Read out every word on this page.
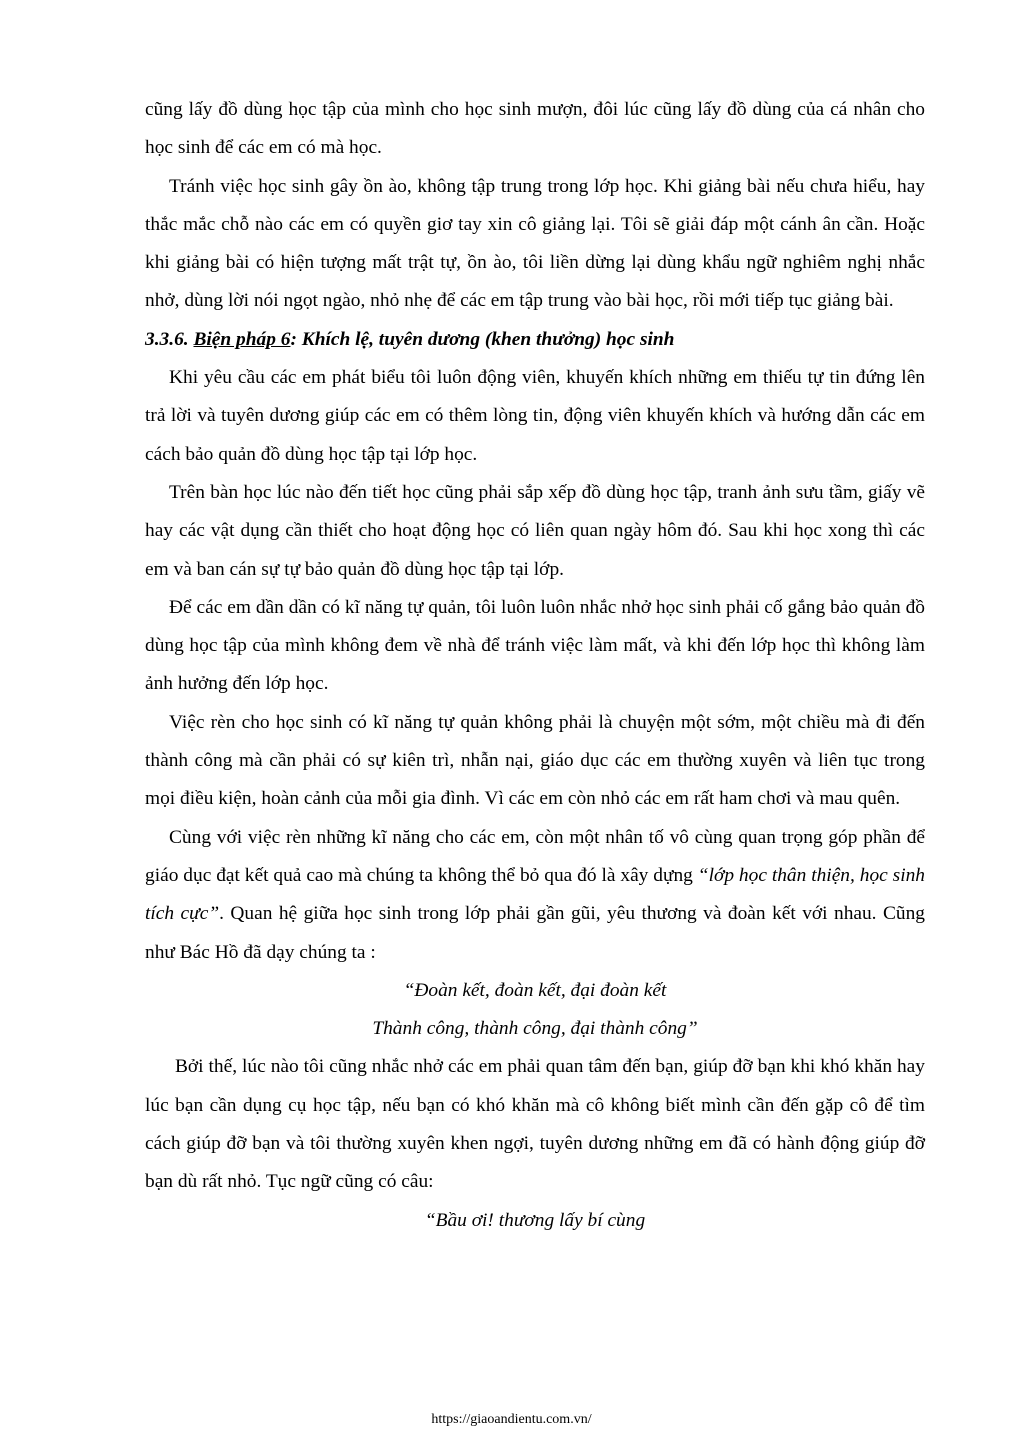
cũng lấy đồ dùng học tập của mình cho học sinh mượn, đôi lúc cũng lấy đồ dùng của cá nhân cho học sinh để các em có mà học.

Tránh việc học sinh gây ồn ào, không tập trung trong lớp học. Khi giảng bài nếu chưa hiểu, hay thắc mắc chỗ nào các em có quyền giơ tay xin cô giảng lại. Tôi sẽ giải đáp một cánh ân cần. Hoặc khi giảng bài có hiện tượng mất trật tự, ồn ào, tôi liền dừng lại dùng khẩu ngữ nghiêm nghị nhắc nhở, dùng lời nói ngọt ngào, nhỏ nhẹ để các em tập trung vào bài học, rồi mới tiếp tục giảng bài.

3.3.6. Biện pháp 6: Khích lệ, tuyên dương (khen thưởng) học sinh

Khi yêu cầu các em phát biểu tôi luôn động viên, khuyến khích những em thiếu tự tin đứng lên trả lời và tuyên dương giúp các em có thêm lòng tin, động viên khuyến khích và hướng dẫn các em cách bảo quản đồ dùng học tập tại lớp học.

Trên bàn học lúc nào đến tiết học cũng phải sắp xếp đồ dùng học tập, tranh ảnh sưu tầm, giấy vẽ hay các vật dụng cần thiết cho hoạt động học có liên quan ngày hôm đó. Sau khi học xong thì các em và ban cán sự tự bảo quản đồ dùng học tập tại lớp.

Để các em dần dần có kĩ năng tự quản, tôi luôn luôn nhắc nhở học sinh phải cố gắng bảo quản đồ dùng học tập của mình không đem về nhà để tránh việc làm mất, và khi đến lớp học thì không làm ảnh hưởng đến lớp học.

Việc rèn cho học sinh có kĩ năng tự quản không phải là chuyện một sớm, một chiều mà đi đến thành công mà cần phải có sự kiên trì, nhẫn nại, giáo dục các em thường xuyên và liên tục trong mọi điều kiện, hoàn cảnh của mỗi gia đình. Vì các em còn nhỏ các em rất ham chơi và mau quên.

Cùng với việc rèn những kĩ năng cho các em, còn một nhân tố vô cùng quan trọng góp phần để giáo dục đạt kết quả cao mà chúng ta không thể bỏ qua đó là xây dựng “lớp học thân thiện, học sinh tích cực”. Quan hệ giữa học sinh trong lớp phải gần gũi, yêu thương và đoàn kết với nhau. Cũng như Bác Hồ đã dạy chúng ta :

“Đoàn kết, đoàn kết, đại đoàn kết

Thành công, thành công, đại thành công”

Bởi thế, lúc nào tôi cũng nhắc nhở các em phải quan tâm đến bạn, giúp đỡ bạn khi khó khăn hay lúc bạn cần dụng cụ học tập, nếu bạn có khó khăn mà cô không biết mình cần đến gặp cô để tìm cách giúp đỡ bạn và tôi thường xuyên khen ngợi, tuyên dương những em đã có hành động giúp đỡ bạn dù rất nhỏ. Tục ngữ cũng có câu:

“Bầu ơi! thương lấy bí cùng

https://giaoandientu.com.vn/
